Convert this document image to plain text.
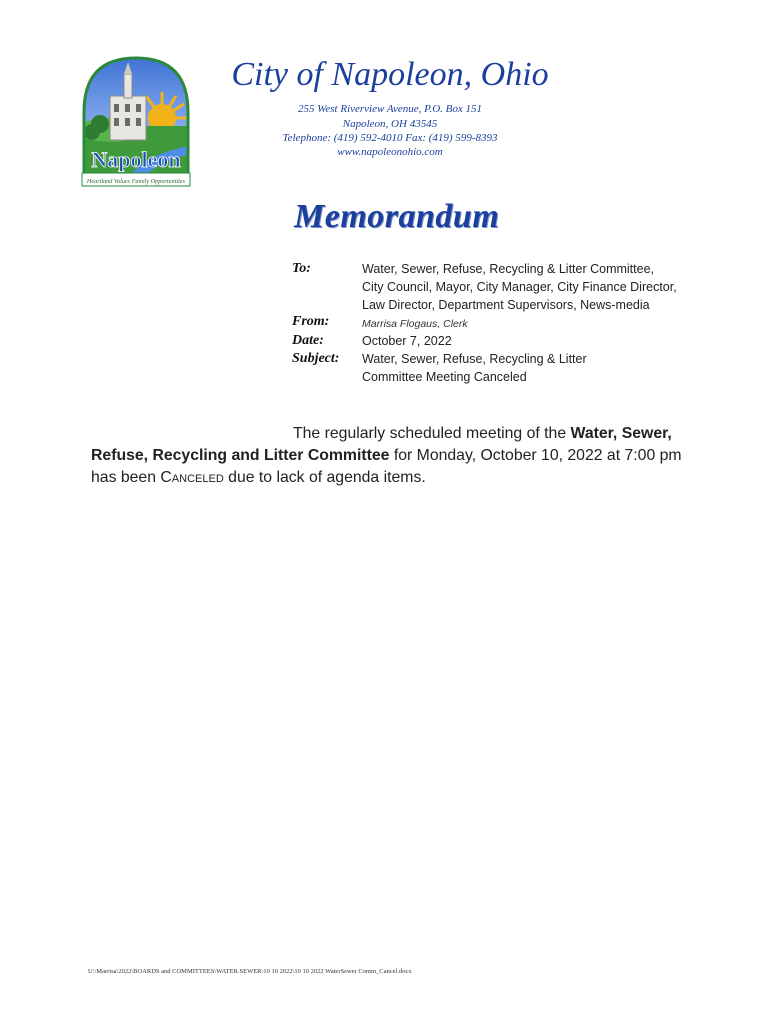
Napoleon
Heartland Values Family Opportunities
City of Napoleon, Ohio
255 West Riverview Avenue, P.O. Box 151
Napoleon, OH 43545
Telephone: (419) 592-4010 Fax: (419) 599-8393
www.napoleonohio.com
Memorandum
To:	Water, Sewer, Refuse, Recycling & Litter Committee,
City Council, Mayor, City Manager, City Finance Director,
Law Director, Department Supervisors, News-media
From:	Marrisa Flogaus, Clerk
Date:	October 7, 2022
Subject: Water, Sewer, Refuse, Recycling & Litter
Committee Meeting Canceled
The regularly scheduled meeting of the Water, Sewer,
Refuse, Recycling and Litter Committee for Monday, October 10, 2022 at 7:00 pm
has been Canceled due to lack of agenda items.
U:\Marrisa\2022\BOARDS and COMMITTEES\WATER.SEWER\10 10 2022\10 10 2022 WaterSewer Comm_Cancel.docx
